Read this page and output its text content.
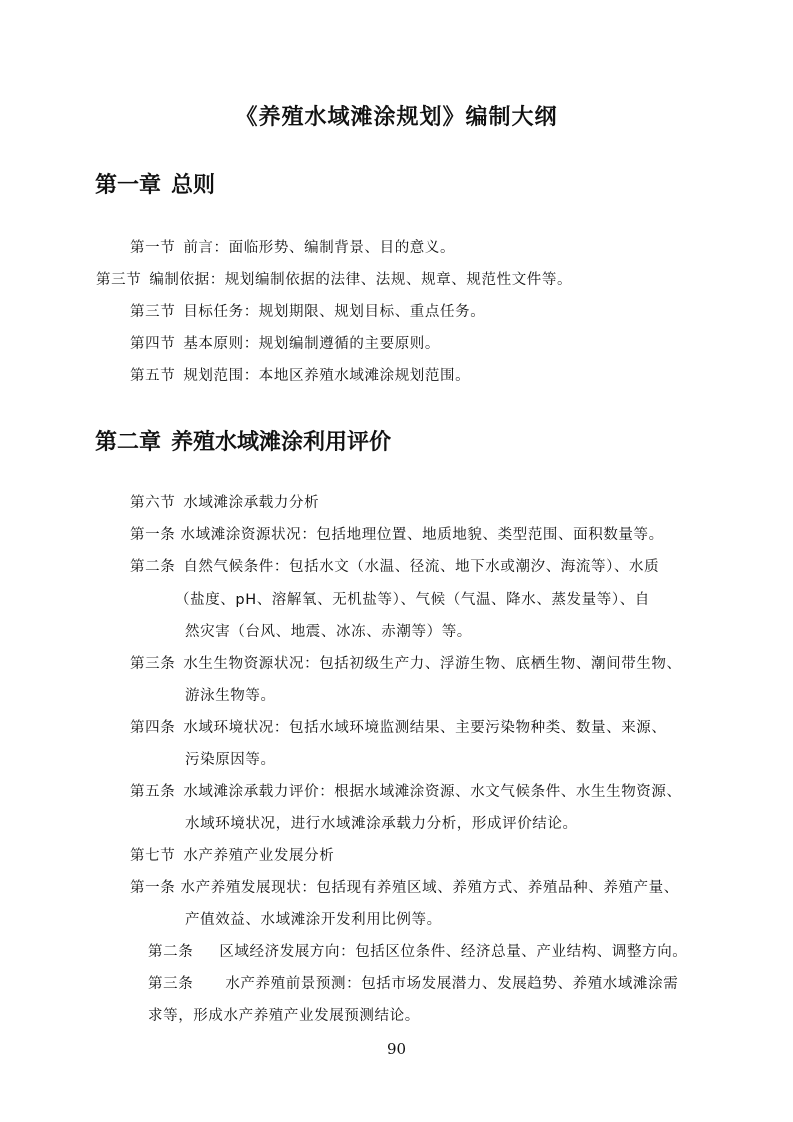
《养殖水域滩涂规划》编制大纲
第一章 总则
第一节 前言：面临形势、编制背景、目的意义。
第三节 编制依据：规划编制依据的法律、法规、规章、规范性文件等。
第三节 目标任务：规划期限、规划目标、重点任务。
第四节 基本原则：规划编制遵循的主要原则。
第五节 规划范围：本地区养殖水域滩涂规划范围。
第二章 养殖水域滩涂利用评价
第六节 水域滩涂承载力分析
第一条 水域滩涂资源状况：包括地理位置、地质地貌、类型范围、面积数量等。
第二条 自然气候条件：包括水文（水温、径流、地下水或潮汐、海流等）、水质
（盐度、pH、溶解氧、无机盐等）、气候（气温、降水、蒸发量等）、自
然灾害（台风、地震、冰冻、赤潮等）等。
第三条 水生生物资源状况：包括初级生产力、浮游生物、底栖生物、潮间带生物、
游泳生物等。
第四条 水域环境状况：包括水域环境监测结果、主要污染物种类、数量、来源、
污染原因等。
第五条 水域滩涂承载力评价：根据水域滩涂资源、水文气候条件、水生生物资源、
水域环境状况，进行水域滩涂承载力分析，形成评价结论。
第七节 水产养殖产业发展分析
第一条 水产养殖发展现状：包括现有养殖区域、养殖方式、养殖品种、养殖产量、
产值效益、水域滩涂开发利用比例等。
第二条 区域经济发展方向：包括区位条件、经济总量、产业结构、调整方向。
第三条 水产养殖前景预测：包括市场发展潜力、发展趋势、养殖水域滩涂需
求等，形成水产养殖产业发展预测结论。
90
